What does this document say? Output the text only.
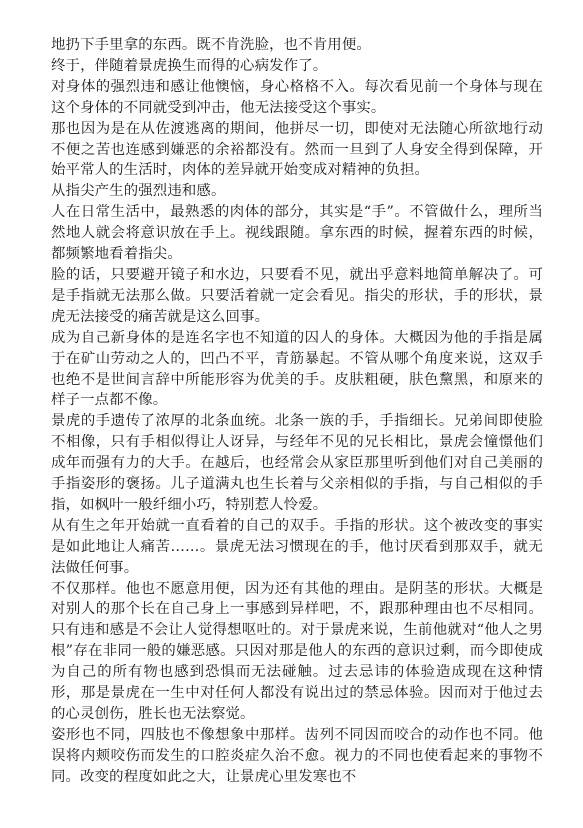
地扔下手里拿的东西。既不肯洗脸，也不肯用便。

终于，伴随着景虎换生而得的心病发作了。

对身体的强烈违和感让他懊恼，身心格格不入。每次看见前一个身体与现在这个身体的不同就受到冲击，他无法接受这个事实。

那也因为是在从佐渡逃离的期间，他拼尽一切，即使对无法随心所欲地行动不便之苦也连感到嫌恶的余裕都没有。然而一旦到了人身安全得到保障，开始平常人的生活时，肉体的差异就开始变成对精神的负担。

从指尖产生的强烈违和感。

人在日常生活中，最熟悉的肉体的部分，其实是“手”。不管做什么，理所当然地人就会将意识放在手上。视线跟随。拿东西的时候，握着东西的时候，都频繁地看着指尖。

脸的话，只要避开镜子和水边，只要看不见，就出乎意料地简单解决了。可是手指就无法那么做。只要活着就一定会看见。指尖的形状，手的形状，景虎无法接受的痛苦就是这么回事。

成为自己新身体的是连名字也不知道的囚人的身体。大概因为他的手指是属于在矿山劳动之人的，凹凸不平，青筋暴起。不管从哪个角度来说，这双手也绝不是世间言辞中所能形容为优美的手。皮肤粗硬，肤色黧黑，和原来的样子一点都不像。

景虎的手遗传了浓厚的北条血统。北条一族的手，手指细长。兄弟间即使脸不相像，只有手相似得让人讶异，与经年不见的兄长相比，景虎会憧憬他们成年而强有力的大手。在越后，也经常会从家臣那里听到他们对自己美丽的手指姿形的褒扬。儿子道满丸也生长着与父亲相似的手指，与自己相似的手指，如枫叶一般纤细小巧，特别惹人怜爱。

从有生之年开始就一直看着的自己的双手。手指的形状。这个被改变的事实是如此地让人痛苦……。景虎无法习惯现在的手，他讨厌看到那双手，就无法做任何事。

不仅那样。他也不愿意用便，因为还有其他的理由。是阴茎的形状。大概是对别人的那个长在自己身上一事感到异样吧，不，跟那种理由也不尽相同。只有违和感是不会让人觉得想呕吐的。对于景虎来说，生前他就对“他人之男根”存在非同一般的嫌恶感。只因对那是他人的东西的意识过剩，而今即使成为自己的所有物也感到恐惧而无法碰触。过去忌讳的体验造成现在这种情形，那是景虎在一生中对任何人都没有说出过的禁忌体验。因而对于他过去的心灵创伤，胜长也无法察觉。

姿形也不同，四肢也不像想象中那样。齿列不同因而咬合的动作也不同。他误将内颊咬伤而发生的口腔炎症久治不愈。视力的不同也使看起来的事物不同。改变的程度如此之大，让景虎心里发寒也不
